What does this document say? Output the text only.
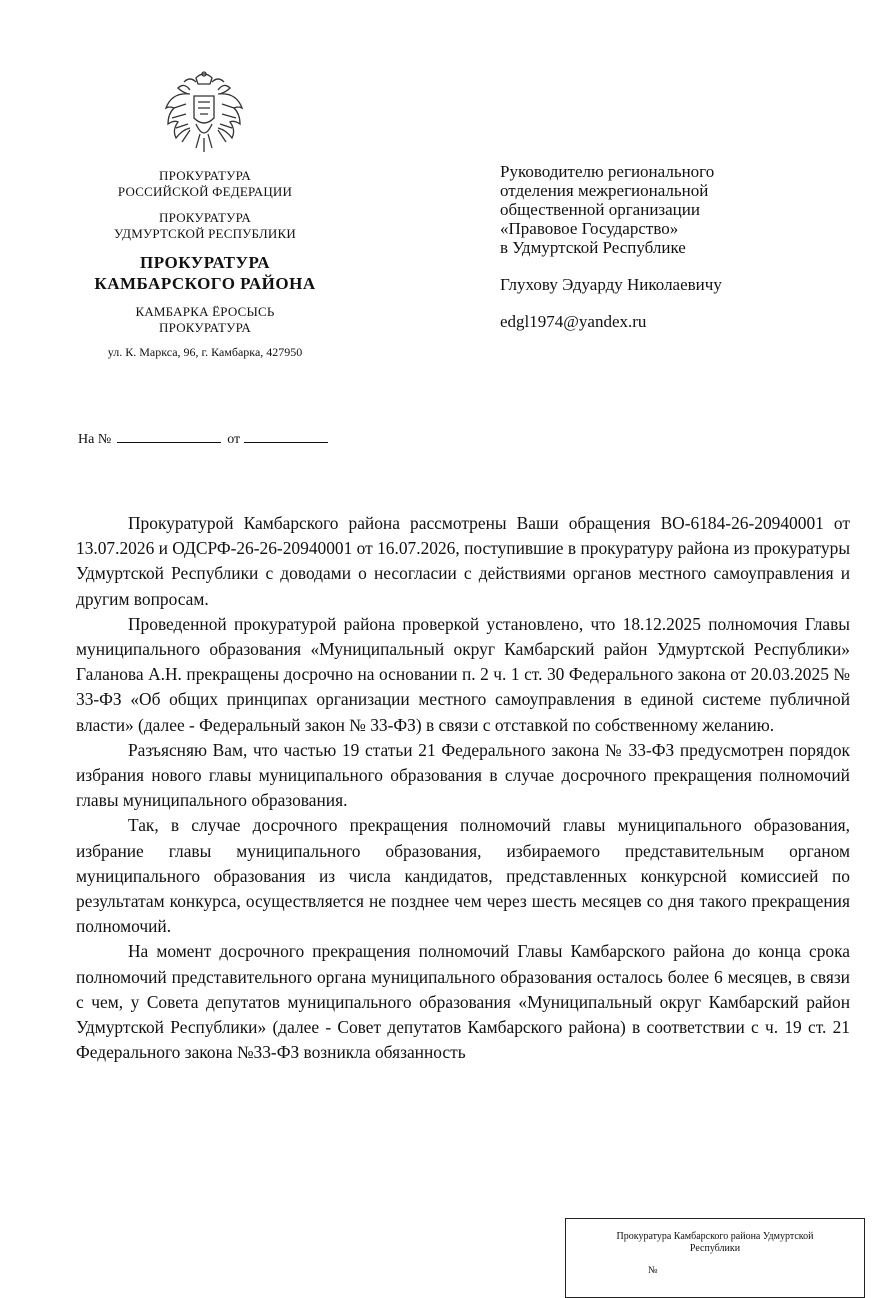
ПРОКУРАТУРА
РОССИЙСКОЙ ФЕДЕРАЦИИ
ПРОКУРАТУРА
УДМУРТСКОЙ РЕСПУБЛИКИ
ПРОКУРАТУРА
КАМБАРСКОГО РАЙОНА
КАМБАРКА ЁРОСЫСЬ
ПРОКУРАТУРА
ул. К. Маркса, 96, г. Камбарка, 427950
Руководителю регионального
отделения межрегиональной
общественной организации
«Правовое Государство»
в Удмуртской Республике
Глухову Эдуарду Николаевичу
edgl1974@yandex.ru
На №	от

Прокуратурой Камбарского района рассмотрены Ваши обращения ВО-6184-26-20940001 от 13.07.2026 и ОДСРФ-26-26-20940001 от 16.07.2026, поступившие в прокуратуру района из прокуратуры Удмуртской Республики с доводами о несогласии с действиями органов местного самоуправления и другим вопросам.

Проведенной прокуратурой района проверкой установлено, что 18.12.2025 полномочия Главы муниципального образования «Муниципальный округ Камбарский район Удмуртской Республики» Галанова А.Н. прекращены досрочно на основании п. 2 ч. 1 ст. 30 Федерального закона от 20.03.2025 № 33-ФЗ «Об общих принципах организации местного самоуправления в единой системе публичной власти» (далее - Федеральный закон № 33-ФЗ) в связи с отставкой по собственному желанию.

Разъясняю Вам, что частью 19 статьи 21 Федерального закона № 33-ФЗ предусмотрен порядок избрания нового главы муниципального образования в случае досрочного прекращения полномочий главы муниципального образования.

Так, в случае досрочного прекращения полномочий главы муниципального образования, избрание главы муниципального образования, избираемого представительным органом муниципального образования из числа кандидатов, представленных конкурсной комиссией по результатам конкурса, осуществляется не позднее чем через шесть месяцев со дня такого прекращения полномочий.

На момент досрочного прекращения полномочий Главы Камбарского района до конца срока полномочий представительного органа муниципального образования осталось более 6 месяцев, в связи с чем, у Совета депутатов муниципального образования «Муниципальный округ Камбарский район Удмуртской Республики» (далее - Совет депутатов Камбарского района) в соответствии с ч. 19 ст. 21 Федерального закона №33-ФЗ возникла обязанность

Прокуратура Камбарского района Удмуртской
Республики
№
